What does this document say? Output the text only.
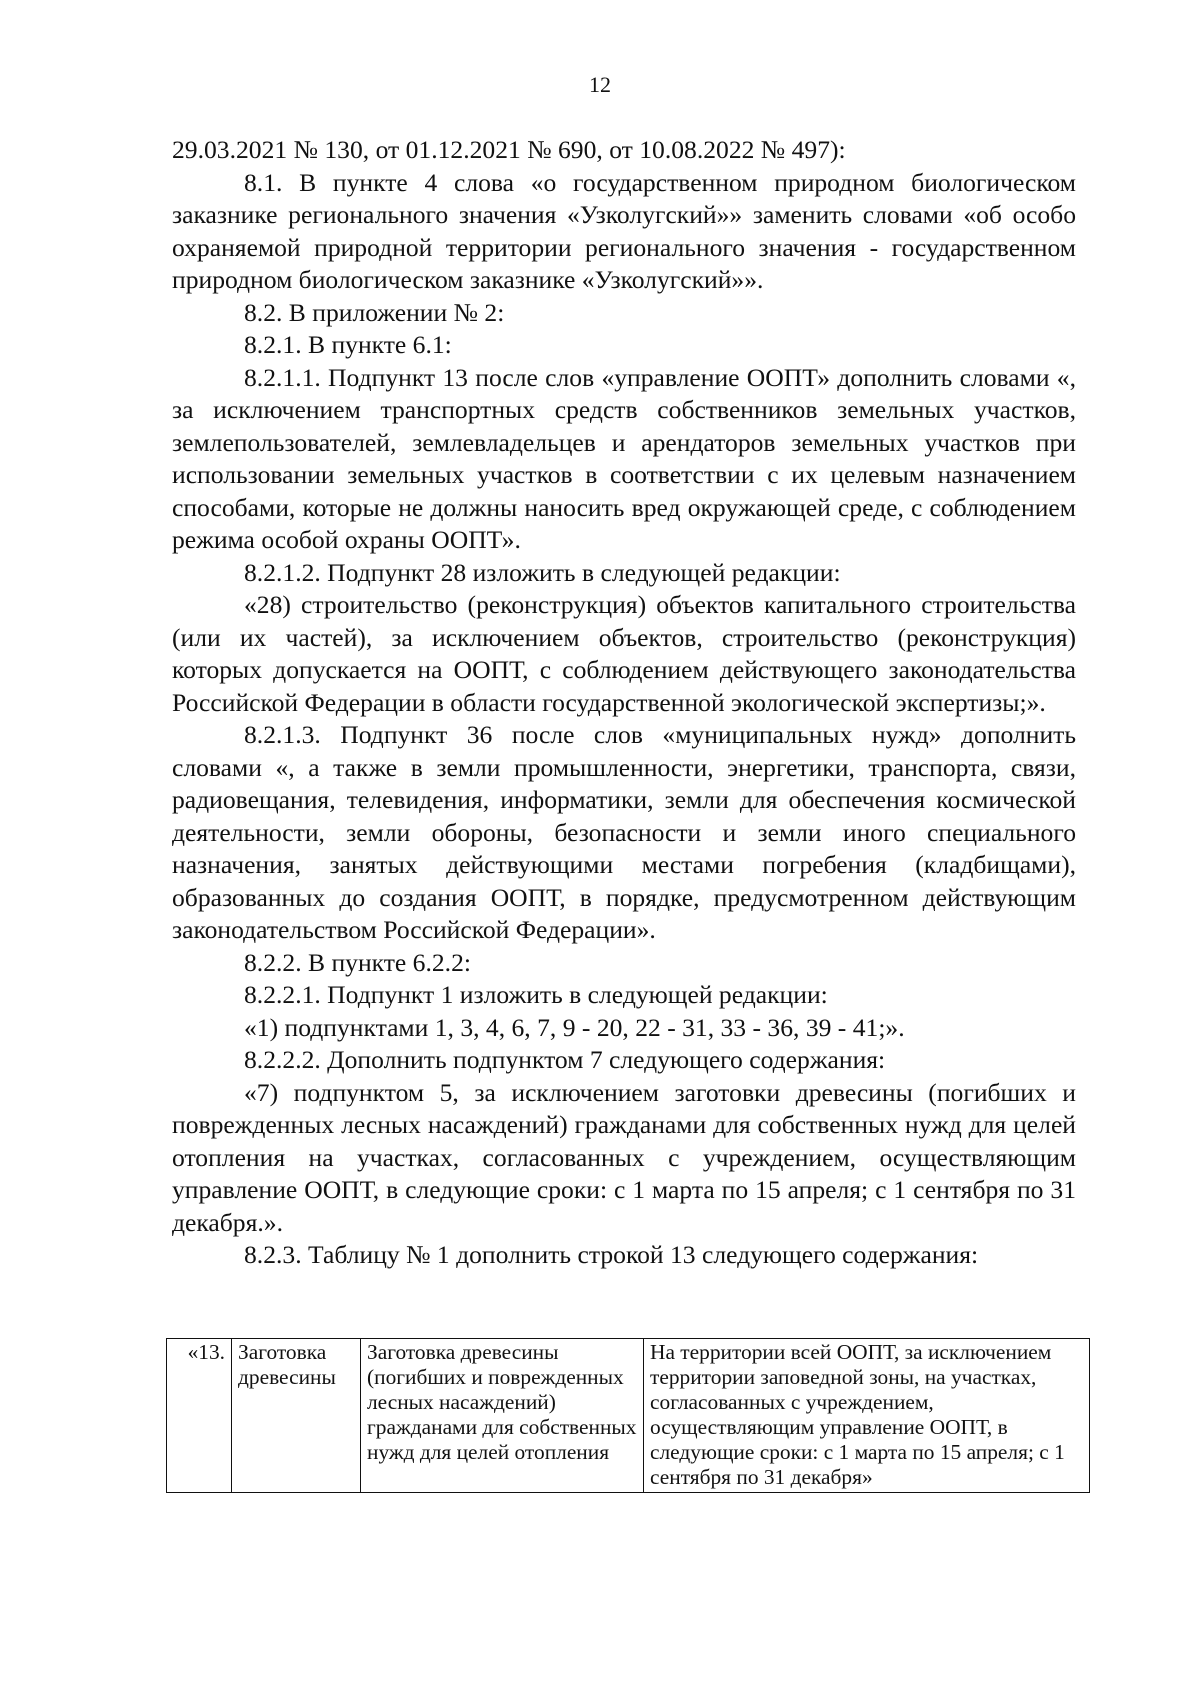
12

29.03.2021 № 130, от 01.12.2021 № 690, от 10.08.2022 № 497):

8.1. В пункте 4 слова «о государственном природном биологическом заказнике регионального значения «Узколугский»» заменить словами «об особо охраняемой природной территории регионального значения - государственном природном биологическом заказнике «Узколугский»».

8.2. В приложении № 2:

8.2.1. В пункте 6.1:

8.2.1.1. Подпункт 13 после слов «управление ООПТ» дополнить словами «, за исключением транспортных средств собственников земельных участков, землепользователей, землевладельцев и арендаторов земельных участков при использовании земельных участков в соответствии с их целевым назначением способами, которые не должны наносить вред окружающей среде, с соблюдением режима особой охраны ООПТ».

8.2.1.2. Подпункт 28 изложить в следующей редакции:

«28) строительство (реконструкция) объектов капитального строительства (или их частей), за исключением объектов, строительство (реконструкция) которых допускается на ООПТ, с соблюдением действующего законодательства Российской Федерации в области государственной экологической экспертизы;».

8.2.1.3. Подпункт 36 после слов «муниципальных нужд» дополнить словами «, а также в земли промышленности, энергетики, транспорта, связи, радиовещания, телевидения, информатики, земли для обеспечения космической деятельности, земли обороны, безопасности и земли иного специального назначения, занятых действующими местами погребения (кладбищами), образованных до создания ООПТ, в порядке, предусмотренном действующим законодательством Российской Федерации».

8.2.2. В пункте 6.2.2:

8.2.2.1. Подпункт 1 изложить в следующей редакции:

«1) подпунктами 1, 3, 4, 6, 7, 9 - 20, 22 - 31, 33 - 36, 39 - 41;».

8.2.2.2. Дополнить подпунктом 7 следующего содержания:

«7) подпунктом 5, за исключением заготовки древесины (погибших и поврежденных лесных насаждений) гражданами для собственных нужд для целей отопления на участках, согласованных с учреждением, осуществляющим управление ООПТ, в следующие сроки: с 1 марта по 15 апреля; с 1 сентября по 31 декабря.».

8.2.3. Таблицу № 1 дополнить строкой 13 следующего содержания:

«13.	Заготовка древесины	Заготовка древесины (погибших и поврежденных лесных насаждений) гражданами для собственных нужд для целей отопления	На территории всей ООПТ, за исключением территории заповедной зоны, на участках, согласованных с учреждением, осуществляющим управление ООПТ, в следующие сроки: с 1 марта по 15 апреля; с 1 сентября по 31 декабря»
